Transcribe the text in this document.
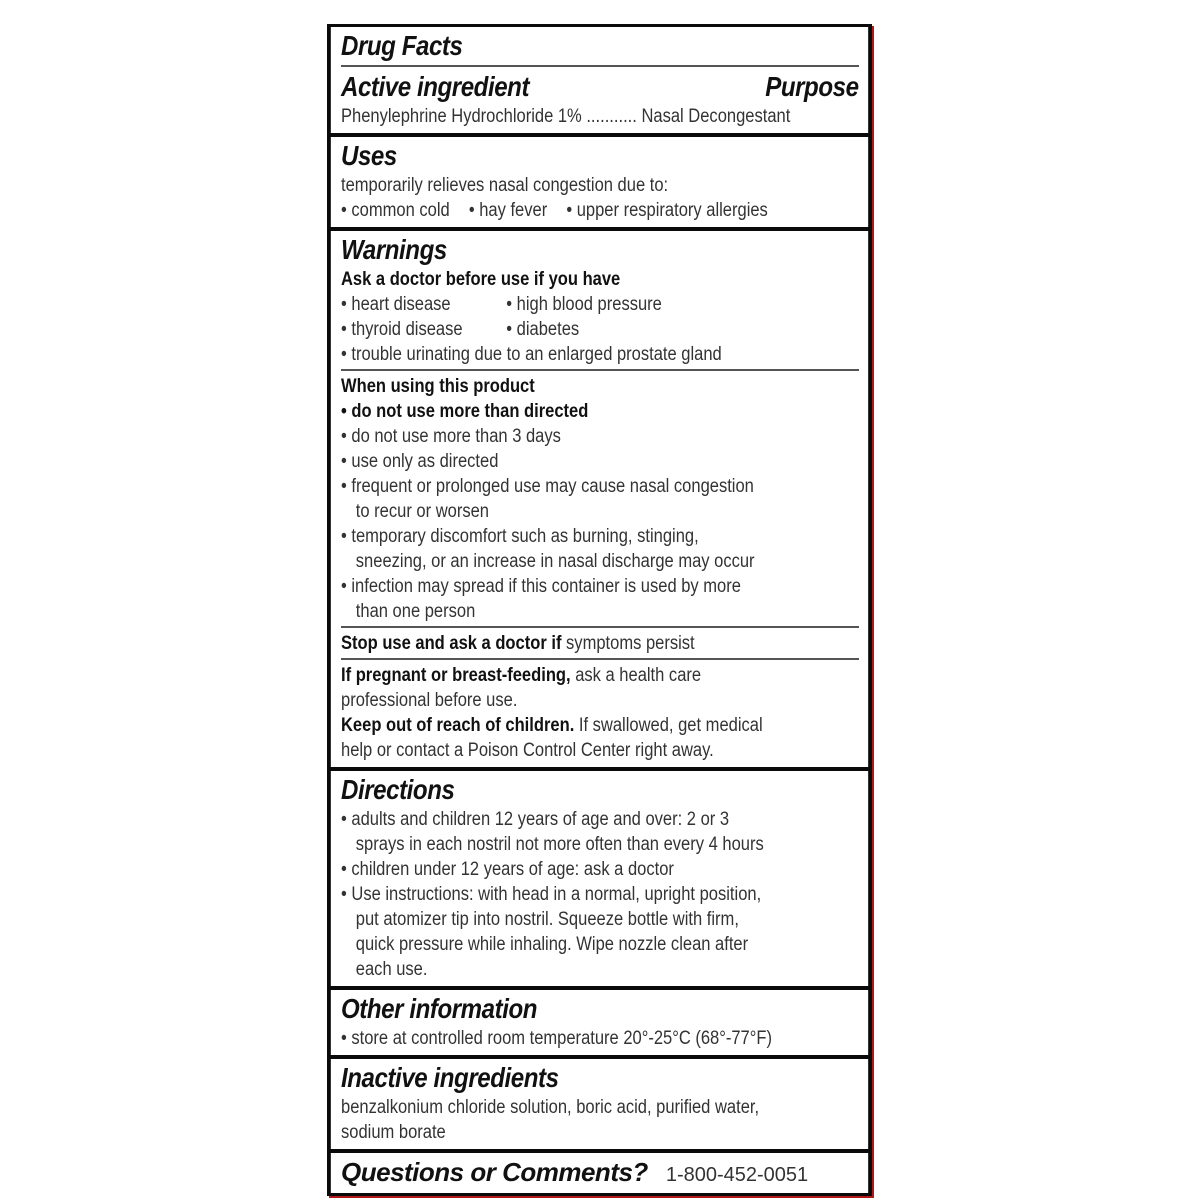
Drug Facts
Active ingredient	Purpose
Phenylephrine Hydrochloride 1% ........... Nasal Decongestant
Uses
temporarily relieves nasal congestion due to:
• common cold • hay fever • upper respiratory allergies
Warnings
Ask a doctor before use if you have
• heart disease	• high blood pressure
• thyroid disease	• diabetes
• trouble urinating due to an enlarged prostate gland
When using this product
• do not use more than directed
• do not use more than 3 days
• use only as directed
• frequent or prolonged use may cause nasal congestion
to recur or worsen
• temporary discomfort such as burning, stinging,
sneezing, or an increase in nasal discharge may occur
• infection may spread if this container is used by more
than one person
Stop use and ask a doctor if symptoms persist
If pregnant or breast-feeding, ask a health care
professional before use.
Keep out of reach of children. If swallowed, get medical
help or contact a Poison Control Center right away.
Directions
• adults and children 12 years of age and over: 2 or 3
sprays in each nostril not more often than every 4 hours
• children under 12 years of age: ask a doctor
• Use instructions: with head in a normal, upright position,
put atomizer tip into nostril. Squeeze bottle with firm,
quick pressure while inhaling. Wipe nozzle clean after
each use.
Other information
• store at controlled room temperature 20°-25°C (68°-77°F)
Inactive ingredients
benzalkonium chloride solution, boric acid, purified water,
sodium borate
Questions or Comments? 1-800-452-0051
